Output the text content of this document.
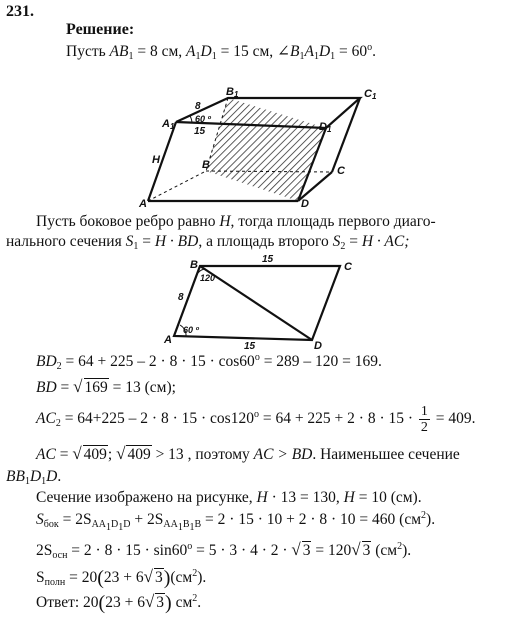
231.
Решение:
Пусть $AB_1 = 8$ см, $A_1D_1 = 15$ см, $\angle B_1A_1D_1 = 60^o$.
B1	C1
A1	D1
8
15
60 º
H	B	C
A	D
Пусть боковое ребро равно H, тогда площадь первого диаго-
нального сечения $S_1 = H$ · BD, а площадь второго $S_2 = H$ · AC;
B	C
A	D
15
15
8
120
60 º
$BD_2 = 64 + 225 - 2 \cdot 8 \cdot 15 \cdot \cos 60^o = 289 - 120 = 169$.
BD = √ 169 = 13 (см);
$AC_2 = 64+225 - 2 \cdot 8 \cdot 15 \cdot \cos 120^o = 64 + 225 + 2 \cdot 8 \cdot 15 \cdot \frac{1}{2} = 409$.
AC = √ 409; √ 409 > 13 , поэтому AC > BD. Наименьшее сечение
$BB_1D_1D$.
Сечение изображено на рисунке, H · 13 = 130, H = 10 (см).
$S_{бок} = 2S_{AA_1D_1D} + 2S_{AA_1B_1B} = 2 \cdot 15 \cdot 10 + 2 \cdot 8 \cdot 10 = 460$ $(см^2)$.
$2S_{осн} = 2 \cdot 8 \cdot 15 \cdot \sin 60^o = 5 \cdot 3 \cdot 4 \cdot 2$ · √ 3 = 120√ 3 $(см^2)$.
$S_{полн} = 20(23 + 6√$ $3)(см^2)$.
Ответ: 20(23 + 6√ 3) $см^2$.
